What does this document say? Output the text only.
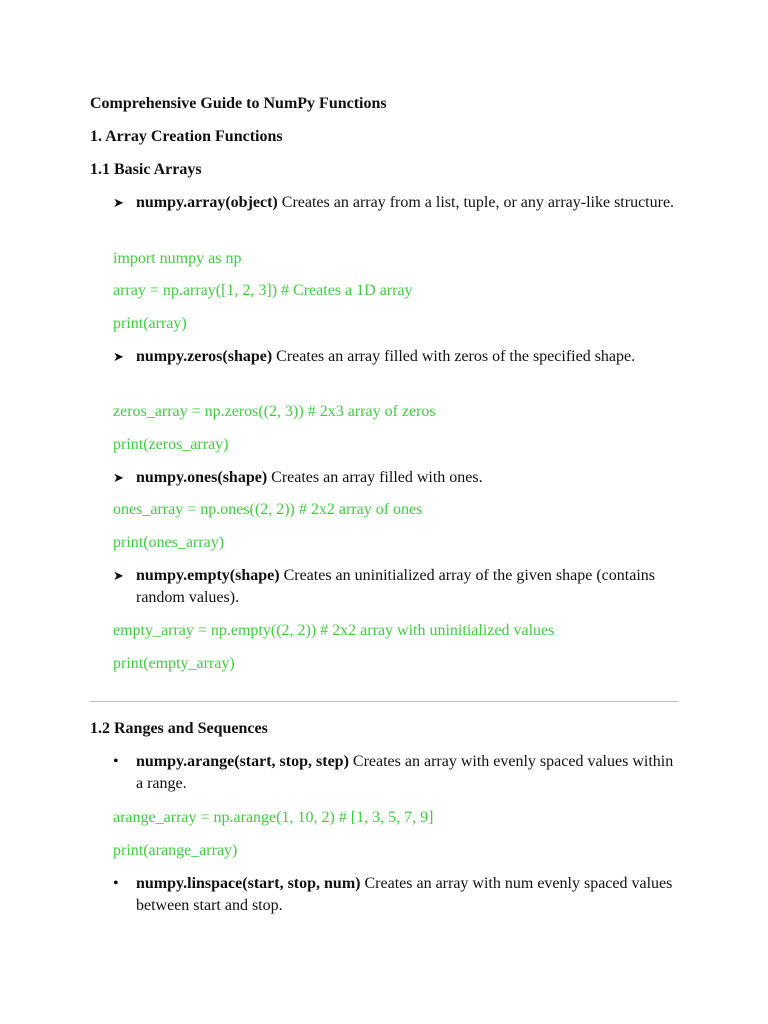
Comprehensive Guide to NumPy Functions
1. Array Creation Functions
1.1 Basic Arrays
➤ numpy.array(object) Creates an array from a list, tuple, or any array-like structure.
import numpy as np
array = np.array([1, 2, 3]) # Creates a 1D array
print(array)
➤ numpy.zeros(shape) Creates an array filled with zeros of the specified shape.
zeros_array = np.zeros((2, 3)) # 2x3 array of zeros
print(zeros_array)
➤ numpy.ones(shape) Creates an array filled with ones.
ones_array = np.ones((2, 2)) # 2x2 array of ones
print(ones_array)
➤ numpy.empty(shape) Creates an uninitialized array of the given shape (contains random values).
empty_array = np.empty((2, 2)) # 2x2 array with uninitialized values
print(empty_array)
1.2 Ranges and Sequences
•	numpy.arange(start, stop, step) Creates an array with evenly spaced values within a range.
arange_array = np.arange(1, 10, 2) # [1, 3, 5, 7, 9]
print(arange_array)
•	numpy.linspace(start, stop, num) Creates an array with num evenly spaced values between start and stop.
